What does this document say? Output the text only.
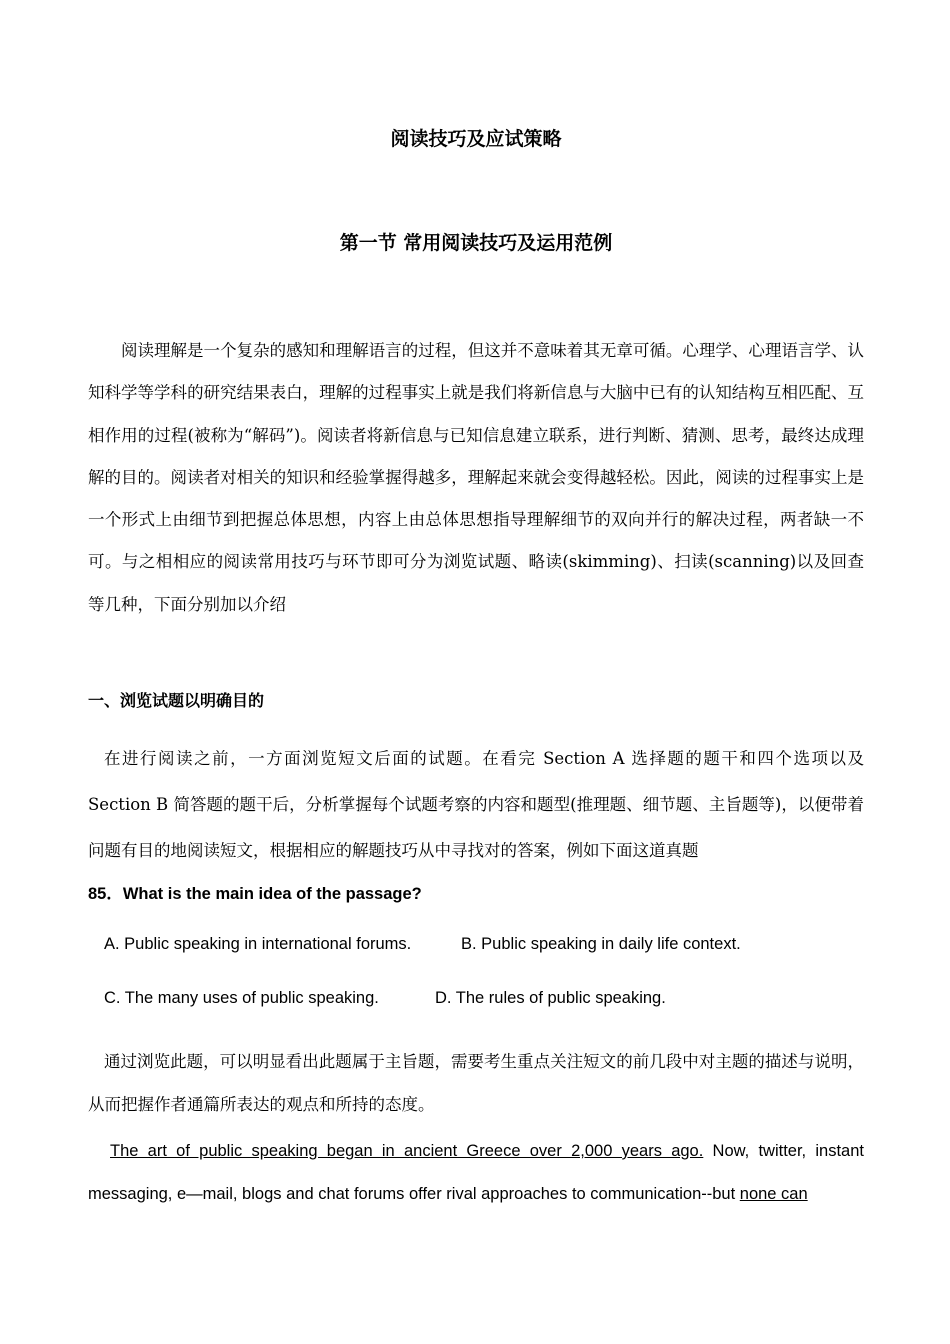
阅读技巧及应试策略
第一节 常用阅读技巧及运用范例

阅读理解是一个复杂的感知和理解语言的过程，但这并不意味着其无章可循。心理学、心理语言学、认知科学等学科的研究结果表白，理解的过程事实上就是我们将新信息与大脑中已有的认知结构互相匹配、互相作用的过程(被称为“解码”)。阅读者将新信息与已知信息建立联系，进行判断、猜测、思考，最终达成理解的目的。阅读者对相关的知识和经验掌握得越多，理解起来就会变得越轻松。因此，阅读的过程事实上是一个形式上由细节到把握总体思想，内容上由总体思想指导理解细节的双向并行的解决过程，两者缺一不可。与之相相应的阅读常用技巧与环节即可分为浏览试题、略读(skimming)、扫读(scanning)以及回查等几种，下面分别加以介绍

一、浏览试题以明确目的

在进行阅读之前，一方面浏览短文后面的试题。在看完 Section A 选择题的题干和四个选项以及 Section B 简答题的题干后，分析掌握每个试题考察的内容和题型(推理题、细节题、主旨题等)，以便带着问题有目的地阅读短文，根据相应的解题技巧从中寻找对的答案，例如下面这道真题

85．What is the main idea of the passage?
A. Public speaking in international forums.	B. Public speaking in daily life context.
C. The many uses of public speaking.	D. The rules of public speaking.

通过浏览此题，可以明显看出此题属于主旨题，需要考生重点关注短文的前几段中对主题的描述与说明，从而把握作者通篇所表达的观点和所持的态度。

The art of public speaking began in ancient Greece over 2,000 years ago. Now, twitter, instant messaging, e—mail, blogs and chat forums offer rival approaches to communication--but none can
